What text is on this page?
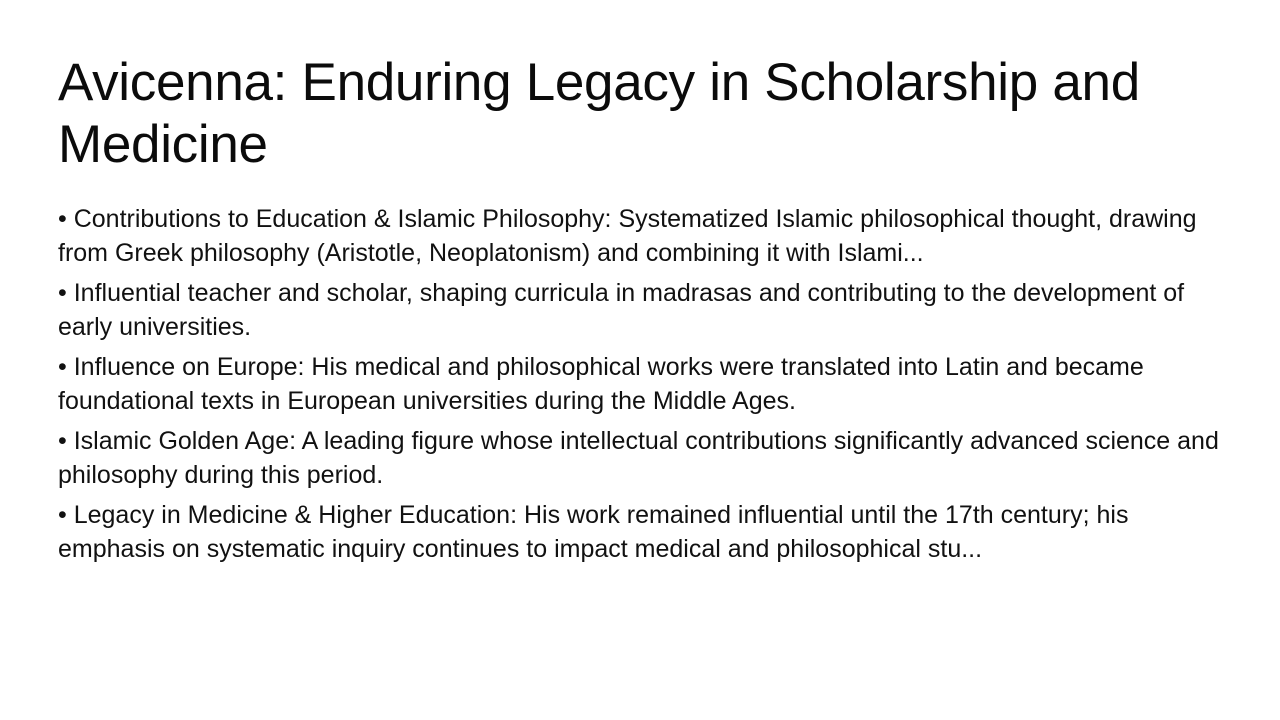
Avicenna: Enduring Legacy in Scholarship and Medicine
• Contributions to Education & Islamic Philosophy: Systematized Islamic philosophical thought, drawing from Greek philosophy (Aristotle, Neoplatonism) and combining it with Islami...
• Influential teacher and scholar, shaping curricula in madrasas and contributing to the development of early universities.
• Influence on Europe: His medical and philosophical works were translated into Latin and became foundational texts in European universities during the Middle Ages.
• Islamic Golden Age: A leading figure whose intellectual contributions significantly advanced science and philosophy during this period.
• Legacy in Medicine & Higher Education: His work remained influential until the 17th century; his emphasis on systematic inquiry continues to impact medical and philosophical stu...
